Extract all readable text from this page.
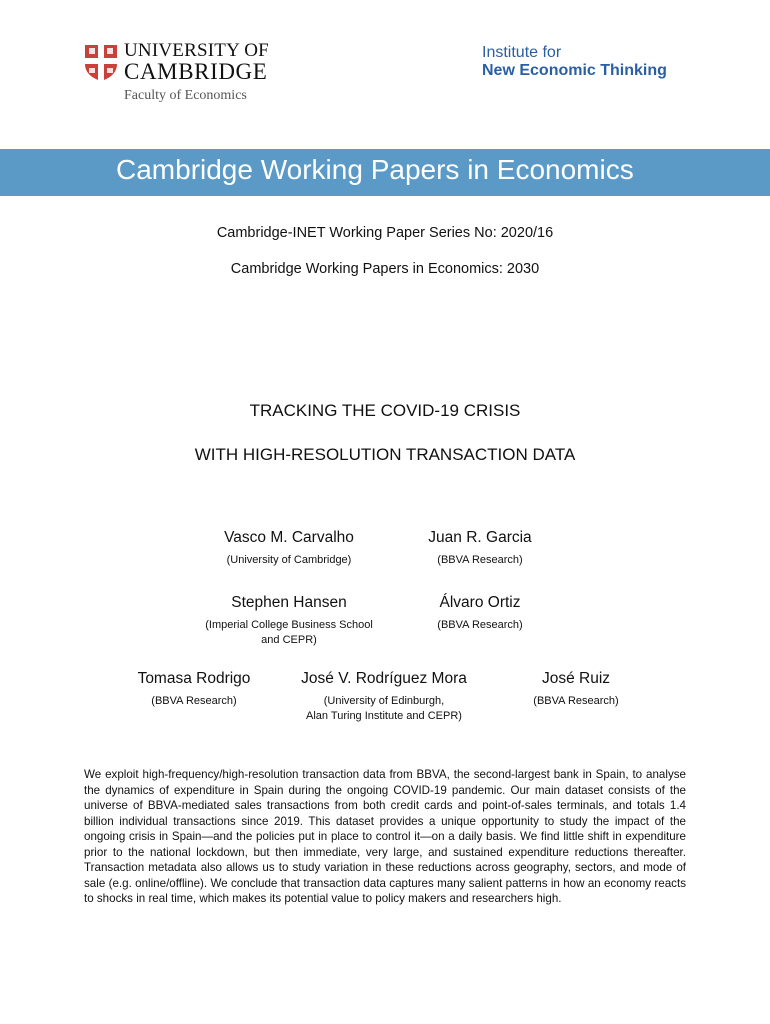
UNIVERSITY OF
CAMBRIDGE
Faculty of Economics
Institute for
New Economic Thinking
Cambridge Working Papers in Economics
Cambridge-INET Working Paper Series No: 2020/16
Cambridge Working Papers in Economics: 2030
TRACKING THE COVID-19 CRISIS
WITH HIGH-RESOLUTION TRANSACTION DATA
Vasco M. Carvalho
(University of Cambridge)
Juan R. Garcia
(BBVA Research)
Stephen Hansen
(Imperial College Business School
and CEPR)
Álvaro Ortiz
(BBVA Research)
Tomasa Rodrigo
(BBVA Research)
José V. Rodríguez Mora
(University of Edinburgh,
Alan Turing Institute and CEPR)
José Ruiz
(BBVA Research)
We exploit high-frequency/high-resolution transaction data from BBVA, the second-largest bank in Spain, to analyse the dynamics of expenditure in Spain during the ongoing COVID-19 pandemic. Our main dataset consists of the universe of BBVA-mediated sales transactions from both credit cards and point-of-sales terminals, and totals 1.4 billion individual transactions since 2019. This dataset provides a unique opportunity to study the impact of the ongoing crisis in Spain—and the policies put in place to control it—on a daily basis. We find little shift in expenditure prior to the national lockdown, but then immediate, very large, and sustained expenditure reductions thereafter. Transaction metadata also allows us to study variation in these reductions across geography, sectors, and mode of sale (e.g. online/offline). We conclude that transaction data captures many salient patterns in how an economy reacts to shocks in real time, which makes its potential value to policy makers and researchers high.
